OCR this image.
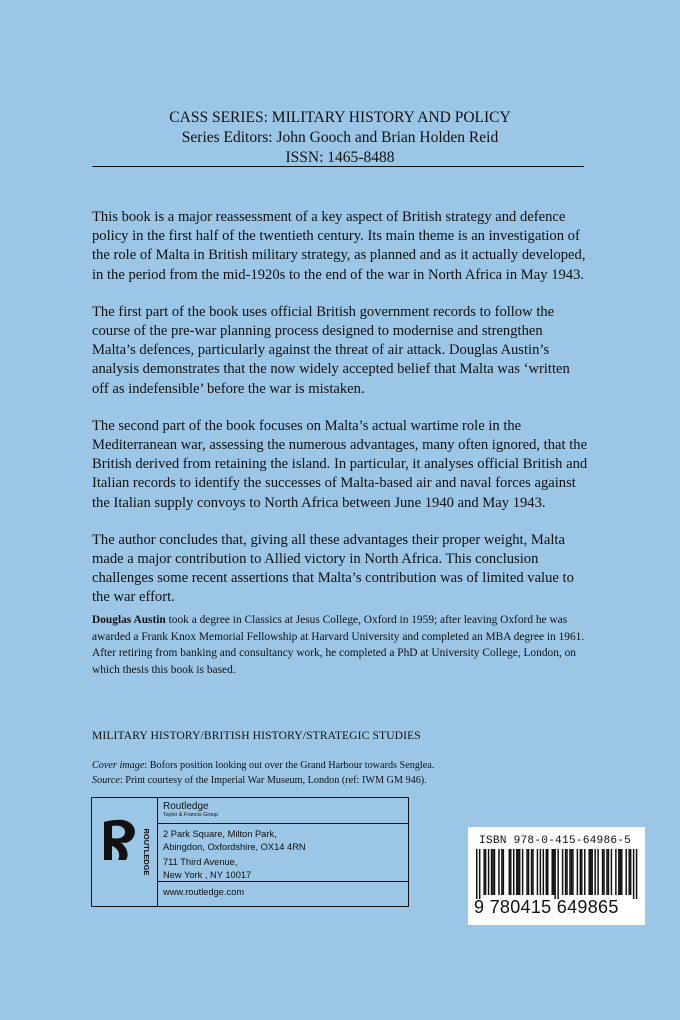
CASS SERIES: MILITARY HISTORY AND POLICY
Series Editors: John Gooch and Brian Holden Reid
ISSN: 1465-8488

This book is a major reassessment of a key aspect of British strategy and defence policy in the first half of the twentieth century. Its main theme is an investigation of the role of Malta in British military strategy, as planned and as it actually developed, in the period from the mid-1920s to the end of the war in North Africa in May 1943.

The first part of the book uses official British government records to follow the course of the pre-war planning process designed to modernise and strengthen Malta’s defences, particularly against the threat of air attack. Douglas Austin’s analysis demonstrates that the now widely accepted belief that Malta was ‘written off as indefensible’ before the war is mistaken.

The second part of the book focuses on Malta’s actual wartime role in the Mediterranean war, assessing the numerous advantages, many often ignored, that the British derived from retaining the island. In particular, it analyses official British and Italian records to identify the successes of Malta-based air and naval forces against the Italian supply convoys to North Africa between June 1940 and May 1943.

The author concludes that, giving all these advantages their proper weight, Malta made a major contribution to Allied victory in North Africa. This conclusion challenges some recent assertions that Malta’s contribution was of limited value to the war effort.

Douglas Austin took a degree in Classics at Jesus College, Oxford in 1959; after leaving Oxford he was awarded a Frank Knox Memorial Fellowship at Harvard University and completed an MBA degree in 1961. After retiring from banking and consultancy work, he completed a PhD at University College, London, on which thesis this book is based.
MILITARY HISTORY/BRITISH HISTORY/STRATEGIC STUDIES
Cover image: Bofors position looking out over the Grand Harbour towards Senglea.
Source: Print courtesy of the Imperial War Museum, London (ref: IWM GM 946).
ROUTLEDGE
Routledge
Taylor & Francis Group
2 Park Square, Milton Park,
Abingdon, Oxfordshire, OX14 4RN
711 Third Avenue,
New York , NY 10017
www.routledge.com
ISBN 978-0-415-64986-5
9 780415 649865
